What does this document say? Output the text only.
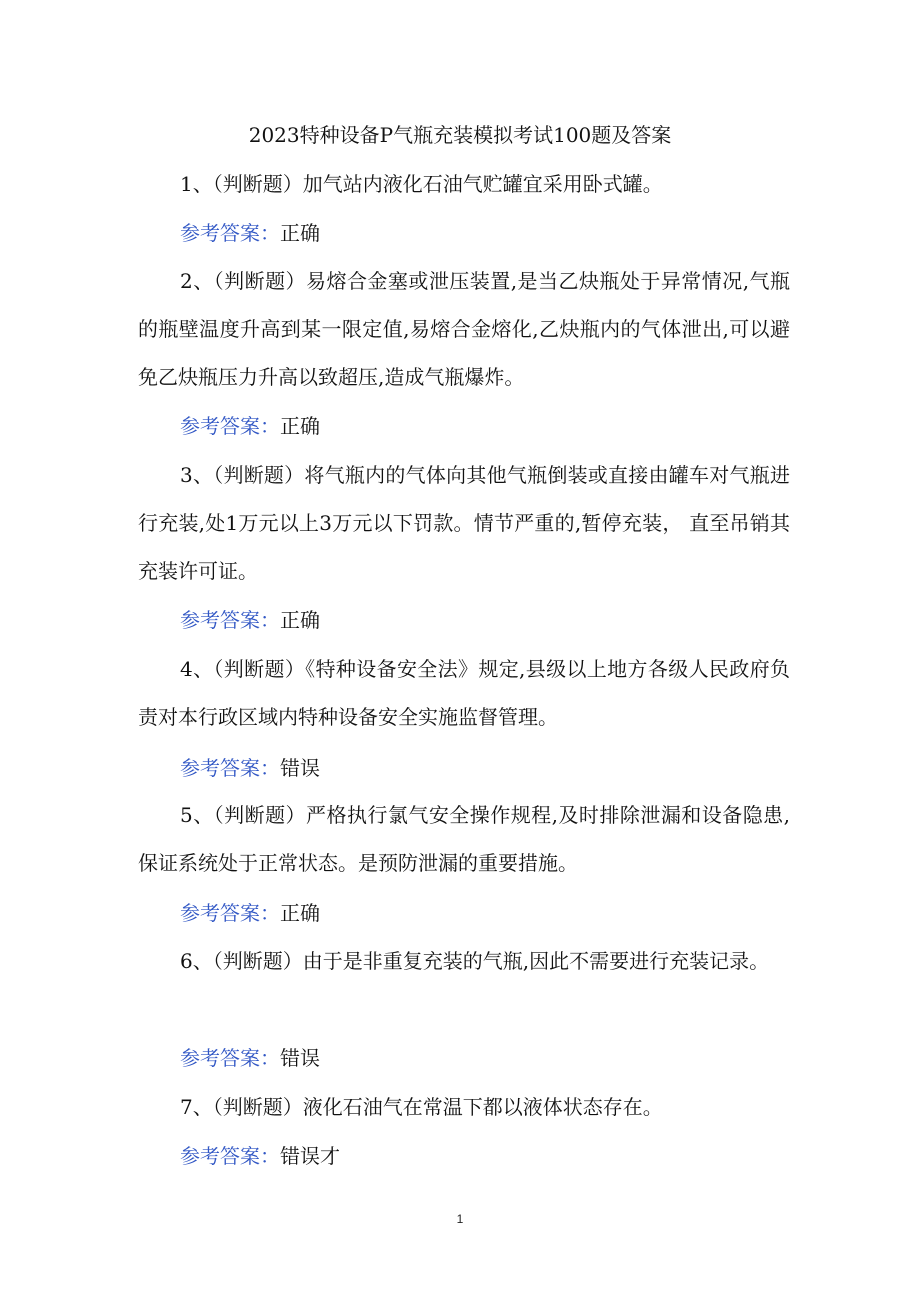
2023特种设备P气瓶充装模拟考试100题及答案

1、（判断题）加气站内液化石油气贮罐宜采用卧式罐。

参考答案：正确

2、（判断题）易熔合金塞或泄压装置,是当乙炔瓶处于异常情况,气瓶的瓶壁温度升高到某一限定值,易熔合金熔化,乙炔瓶内的气体泄出,可以避免乙炔瓶压力升高以致超压,造成气瓶爆炸。

参考答案：正确

3、（判断题）将气瓶内的气体向其他气瓶倒装或直接由罐车对气瓶进行充装,处1万元以上3万元以下罚款。情节严重的,暂停充装， 直至吊销其充装许可证。

参考答案：正确

4、（判断题）《特种设备安全法》规定,县级以上地方各级人民政府负责对本行政区域内特种设备安全实施监督管理。

参考答案：错误

5、（判断题）严格执行氯气安全操作规程,及时排除泄漏和设备隐患,保证系统处于正常状态。是预防泄漏的重要措施。

参考答案：正确

6、（判断题）由于是非重复充装的气瓶,因此不需要进行充装记录。

参考答案：错误

7、（判断题）液化石油气在常温下都以液体状态存在。

参考答案：错误才
1
